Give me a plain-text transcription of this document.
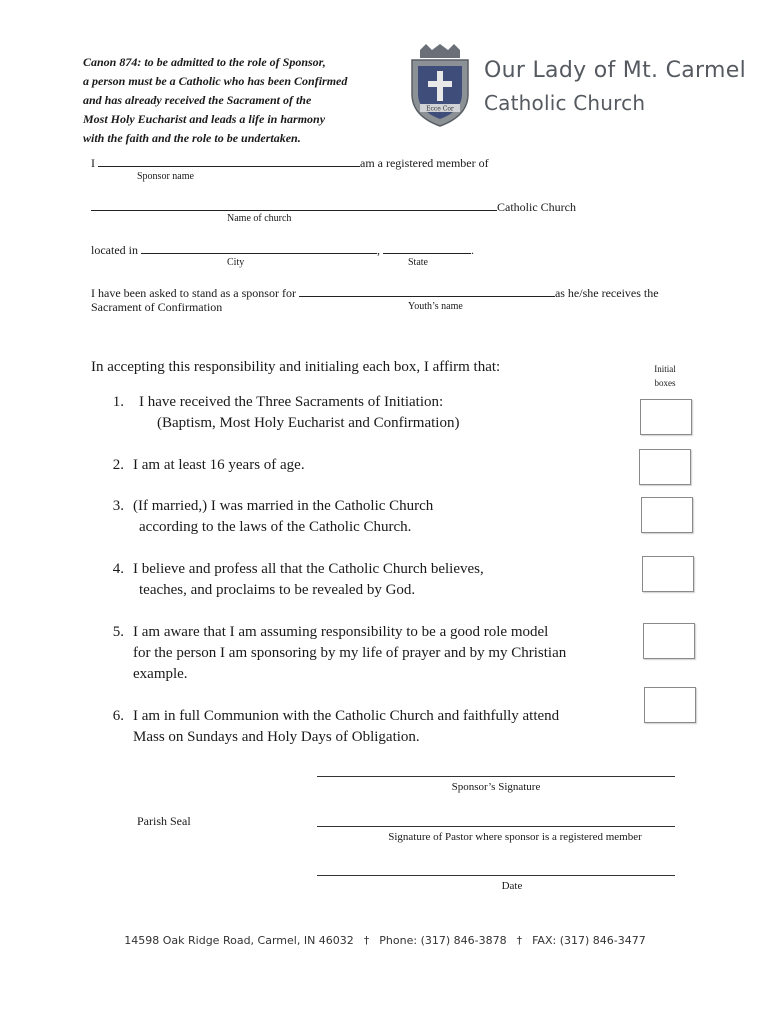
Canon 874: to be admitted to the role of Sponsor,
a person must be a Catholic who has been Confirmed
and has already received the Sacrament of the
Most Holy Eucharist and leads a life in harmony
with the faith and the role to be undertaken.
Ecce Cor
Our Lady of Mt. Carmel
Catholic Church
I	am a registered member of
Sponsor name
Catholic Church
Name of church
located in	,	.
City	State
I have been asked to stand as a sponsor for	as he/she receives the
Sacrament of Confirmation	Youth’s name
In accepting this responsibility and initialing each box, I affirm that:	Initial
boxes
1. I have received the Three Sacraments of Initiation:
(Baptism, Most Holy Eucharist and Confirmation)
2. I am at least 16 years of age.
3. (If married,) I was married in the Catholic Church
according to the laws of the Catholic Church.
4. I believe and profess all that the Catholic Church believes,
teaches, and proclaims to be revealed by God.
5. I am aware that I am assuming responsibility to be a good role model
for the person I am sponsoring by my life of prayer and by my Christian
example.
6. I am in full Communion with the Catholic Church and faithfully attend
Mass on Sundays and Holy Days of Obligation.
Sponsor’s Signature
Parish Seal
Signature of Pastor where sponsor is a registered member
Date
14598 Oak Ridge Road, Carmel, IN 46032 † Phone: (317) 846-3878 † FAX: (317) 846-3477
